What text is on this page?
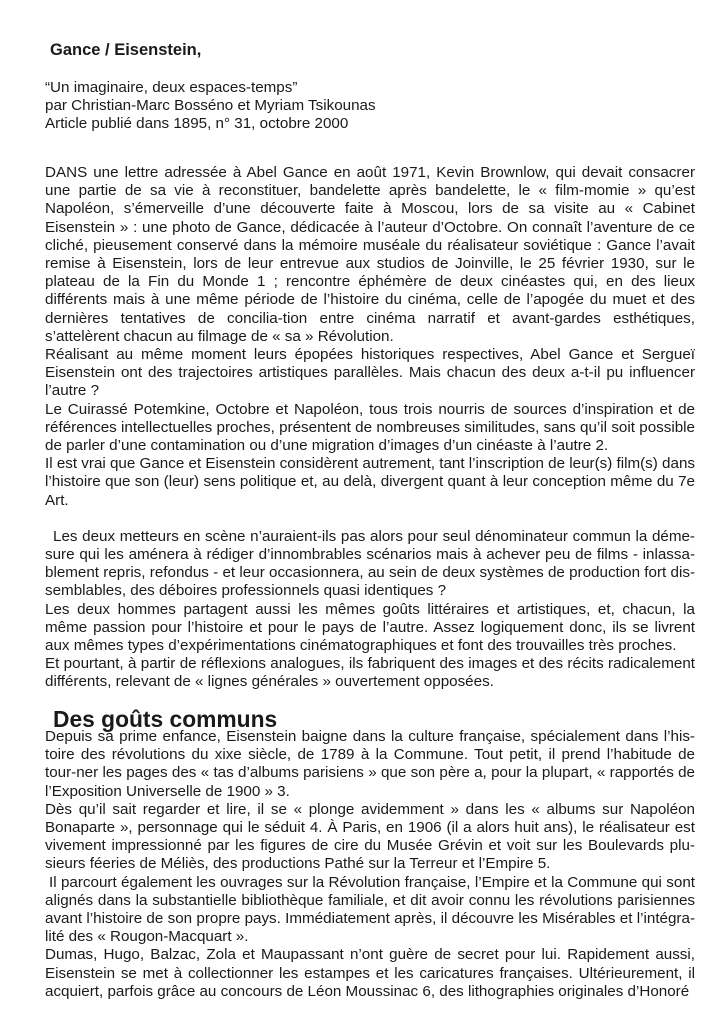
Gance / Eisenstein,
“Un imaginaire, deux espaces-temps”
par Christian-Marc Bosséno et Myriam Tsikounas
Article publié dans 1895, n° 31, octobre 2000

DANS une lettre adressée à Abel Gance en août 1971, Kevin Brownlow, qui devait consacrer une partie de sa vie à reconstituer, bandelette après bandelette, le « film-momie » qu’est Napoléon, s’émerveille d’une découverte faite à Moscou, lors de sa visite au « Cabinet Eisenstein » : une photo de Gance, dédicacée à l’auteur d’Octobre. On connaît l’aventure de ce cliché, pieusement conservé dans la mémoire muséale du réalisateur soviétique : Gance l’avait remise à Eisenstein, lors de leur entrevue aux studios de Joinville, le 25 février 1930, sur le plateau de la Fin du Monde 1 ; rencontre éphémère de deux cinéastes qui, en des lieux différents mais à une même période de l’histoire du cinéma, celle de l’apogée du muet et des dernières tentatives de concilia-tion entre cinéma narratif et avant-gardes esthétiques, s’attelèrent chacun au filmage de « sa » Révolution.

Réalisant au même moment leurs épopées historiques respectives, Abel Gance et Sergueï Eisenstein ont des trajectoires artistiques parallèles. Mais chacun des deux a-t-il pu influencer l’autre ?

Le Cuirassé Potemkine, Octobre et Napoléon, tous trois nourris de sources d’inspiration et de références intellectuelles proches, présentent de nombreuses similitudes, sans qu’il soit possible de parler d’une contamination ou d’une migration d’images d’un cinéaste à l’autre 2.

Il est vrai que Gance et Eisenstein considèrent autrement, tant l’inscription de leur(s) film(s) dans l’histoire que son (leur) sens politique et, au delà, divergent quant à leur conception même du 7e Art.

Les deux metteurs en scène n’auraient-ils pas alors pour seul dénominateur commun la déme-sure qui les aménera à rédiger d’innombrables scénarios mais à achever peu de films - inlassa-blement repris, refondus - et leur occasionnera, au sein de deux systèmes de production fort dis-semblables, des déboires professionnels quasi identiques ?

Les deux hommes partagent aussi les mêmes goûts littéraires et artistiques, et, chacun, la même passion pour l’histoire et pour le pays de l’autre. Assez logiquement donc, ils se livrent aux mêmes types d’expérimentations cinématographiques et font des trouvailles très proches.

Et pourtant, à partir de réflexions analogues, ils fabriquent des images et des récits radicalement différents, relevant de « lignes générales » ouvertement opposées.

Des goûts communs

Depuis sa prime enfance, Eisenstein baigne dans la culture française, spécialement dans l’his-toire des révolutions du xixe siècle, de 1789 à la Commune. Tout petit, il prend l’habitude de tour-ner les pages des « tas d’albums parisiens » que son père a, pour la plupart, « rapportés de l’Exposition Universelle de 1900 » 3.

Dès qu’il sait regarder et lire, il se « plonge avidemment » dans les « albums sur Napoléon Bonaparte », personnage qui le séduit 4. À Paris, en 1906 (il a alors huit ans), le réalisateur est vivement impressionné par les figures de cire du Musée Grévin et voit sur les Boulevards plu-sieurs féeries de Méliès, des productions Pathé sur la Terreur et l’Empire 5.

Il parcourt également les ouvrages sur la Révolution française, l’Empire et la Commune qui sont alignés dans la substantielle bibliothèque familiale, et dit avoir connu les révolutions parisiennes avant l’histoire de son propre pays. Immédiatement après, il découvre les Misérables et l’intégra-lité des « Rougon-Macquart ».

Dumas, Hugo, Balzac, Zola et Maupassant n’ont guère de secret pour lui. Rapidement aussi, Eisenstein se met à collectionner les estampes et les caricatures françaises. Ultérieurement, il acquiert, parfois grâce au concours de Léon Moussinac 6, des lithographies originales d’Honoré
